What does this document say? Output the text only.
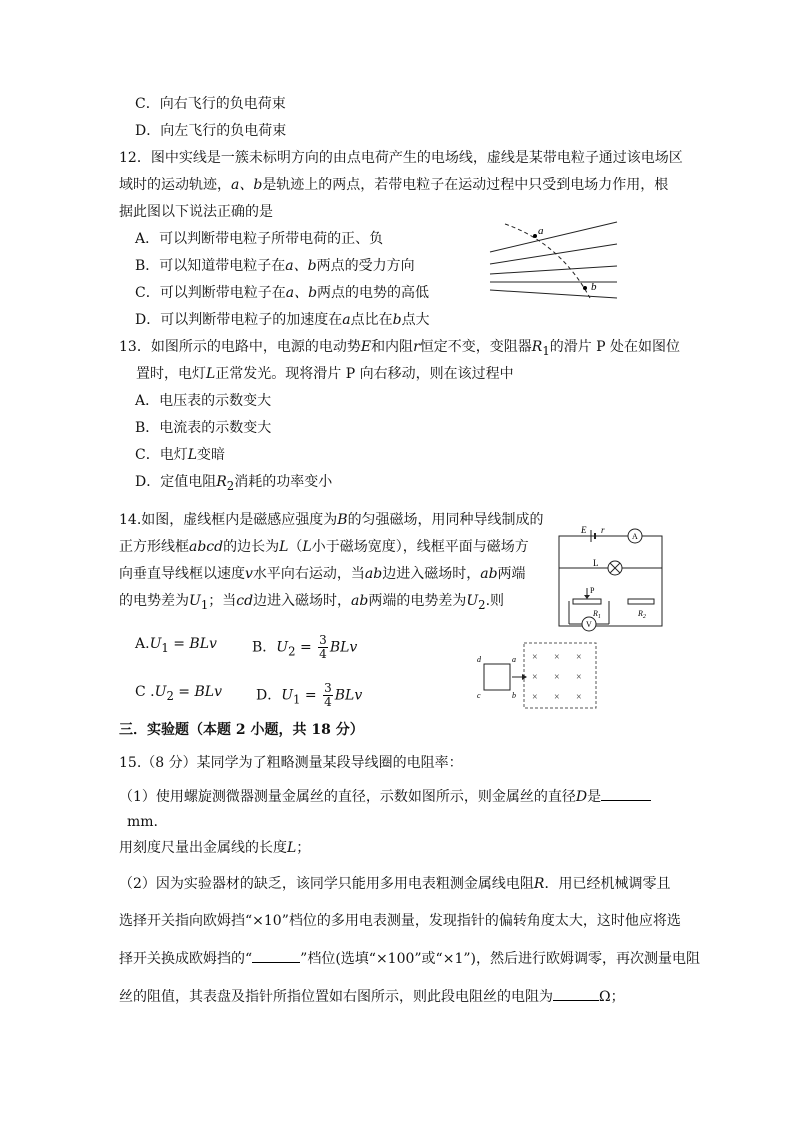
C．向右飞行的负电荷束
D．向左飞行的负电荷束
12．图中实线是一簇未标明方向的由点电荷产生的电场线，虚线是某带电粒子通过该电场区
域时的运动轨迹，a、b是轨迹上的两点，若带电粒子在运动过程中只受到电场力作用，根
据此图以下说法正确的是
A．可以判断带电粒子所带电荷的正、负
B．可以知道带电粒子在a、b两点的受力方向
C．可以判断带电粒子在a、b两点的电势的高低
D．可以判断带电粒子的加速度在a点比在b点大
a
b
13．如图所示的电路中，电源的电动势E和内阻r恒定不变，变阻器$R_1$的滑片 P 处在如图位
置时，电灯L正常发光。现将滑片 P 向右移动，则在该过程中
A．电压表的示数变大
B．电流表的示数变大
C．电灯L变暗
D．定值电阻$R_2$消耗的功率变小
E r
A
L
P
$R_1$	$R_2$
V
14.如图，虚线框内是磁感应强度为B的匀强磁场，用同种导线制成的
正方形线框abcd的边长为L（L小于磁场宽度），线框平面与磁场方
向垂直导线框以速度v水平向右运动，当ab边进入磁场时，ab两端
的电势差为$U_1$；当cd边进入磁场时，ab两端的电势差为$U_2$.则
$A.U_1$ = BLv	B．$U_2 = \frac{3}{4}$ BLv
C $.U_2$ = BLv D．$U_1 = \frac{3}{4}$ BLv
d	a
c	b
× × ×
× × ×
× × ×
三．实验题（本题 2 小题，共 18 分）
15.（8 分）某同学为了粗略测量某段导线圈的电阻率：
（1）使用螺旋测微器测量金属丝的直径，示数如图所示，则金属丝的直径D是
mm.
用刻度尺量出金属线的长度L；
（2）因为实验器材的缺乏，该同学只能用多用电表粗测金属线电阻R．用已经机械调零且
选择开关指向欧姆挡“×10”档位的多用电表测量，发现指针的偏转角度太大，这时他应将选
择开关换成欧姆挡的“	”档位(选填“×100”或“×1”)，然后进行欧姆调零，再次测量电阻
丝的阻值，其表盘及指针所指位置如右图所示，则此段电阻丝的电阻为	Ω；
